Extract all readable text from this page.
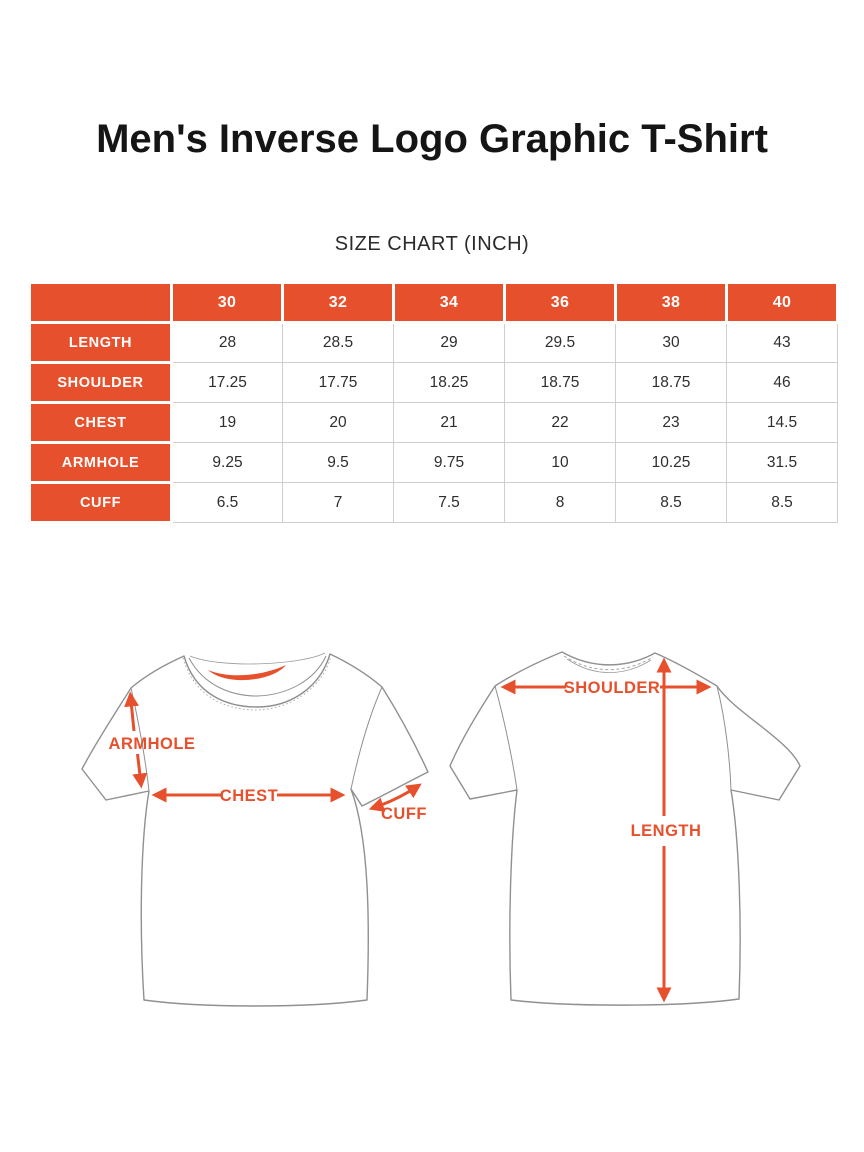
Men's Inverse Logo Graphic T-Shirt
SIZE CHART (INCH)
	30	32	34	36	38	40
LENGTH	28	28.5	29	29.5	30	43
SHOULDER	17.25	17.75	18.25	18.75	18.75	46
CHEST	19	20	21	22	23	14.5
ARMHOLE	9.25	9.5	9.75	10	10.25	31.5
CUFF	6.5	7	7.5	8	8.5	8.5
ARMHOLE
CHEST
CUFF
SHOULDER
LENGTH
